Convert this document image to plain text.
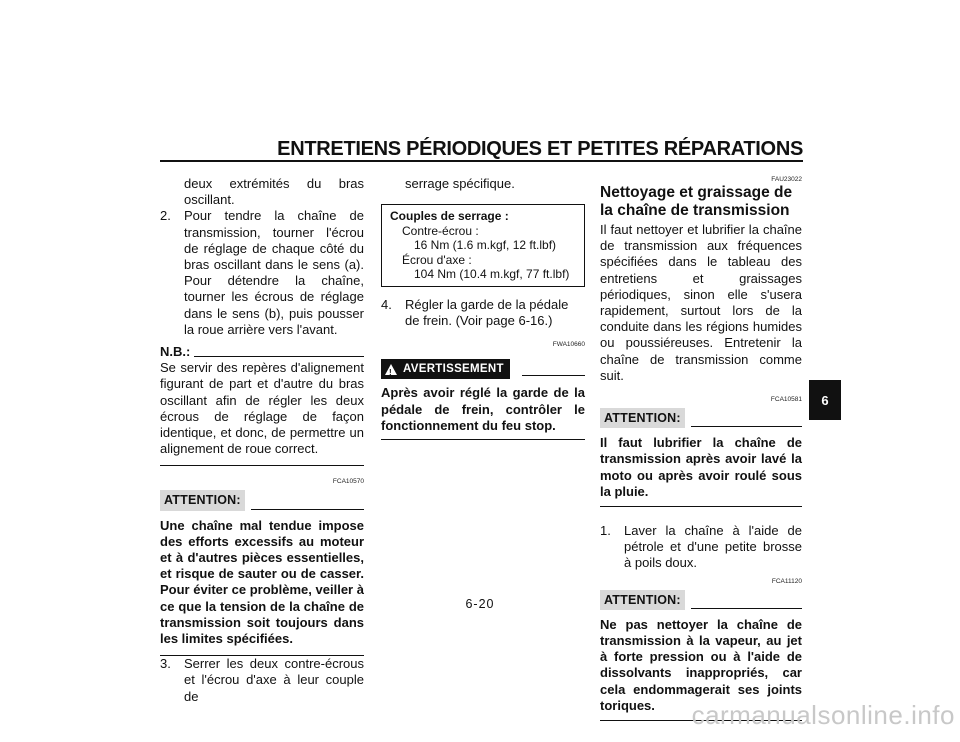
ENTRETIENS PÉRIODIQUES ET PETITES RÉPARATIONS
deux extrémités du bras oscillant.
2.	Pour tendre la chaîne de transmission, tourner l'écrou de réglage de chaque côté du bras oscillant dans le sens (a). Pour détendre la chaîne, tourner les écrous de réglage dans le sens (b), puis pousser la roue arrière vers l'avant.
N.B.:
Se servir des repères d'alignement figurant de part et d'autre du bras oscillant afin de régler les deux écrous de réglage de façon identique, et donc, de permettre un alignement de roue correct.
FCA10570
ATTENTION:
Une chaîne mal tendue impose des efforts excessifs au moteur et à d'autres pièces essentielles, et risque de sauter ou de casser. Pour éviter ce problème, veiller à ce que la tension de la chaîne de transmission soit toujours dans les limites spécifiées.
3.	Serrer les deux contre-écrous et l'écrou d'axe à leur couple de
serrage spécifique.
Couples de serrage :
Contre-écrou :
16 Nm (1.6 m.kgf, 12 ft.lbf)
Écrou d'axe :
104 Nm (10.4 m.kgf, 77 ft.lbf)
4.	Régler la garde de la pédale de frein. (Voir page 6-16.)
FWA10660
! AVERTISSEMENT
Après avoir réglé la garde de la pédale de frein, contrôler le fonctionnement du feu stop.
FAU23022
Nettoyage et graissage de la chaîne de transmission
Il faut nettoyer et lubrifier la chaîne de transmission aux fréquences spécifiées dans le tableau des entretiens et graissages périodiques, sinon elle s'usera rapidement, surtout lors de la conduite dans les régions humides ou poussiéreuses. Entretenir la chaîne de transmission comme suit.
FCA10581
ATTENTION:
Il faut lubrifier la chaîne de transmission après avoir lavé la moto ou après avoir roulé sous la pluie.
1.	Laver la chaîne à l'aide de pétrole et d'une petite brosse à poils doux.
FCA11120
ATTENTION:
Ne pas nettoyer la chaîne de transmission à la vapeur, au jet à forte pression ou à l'aide de dissolvants inappropriés, car cela endommagerait ses joints toriques.
6-20
6
carmanualsonline.info
